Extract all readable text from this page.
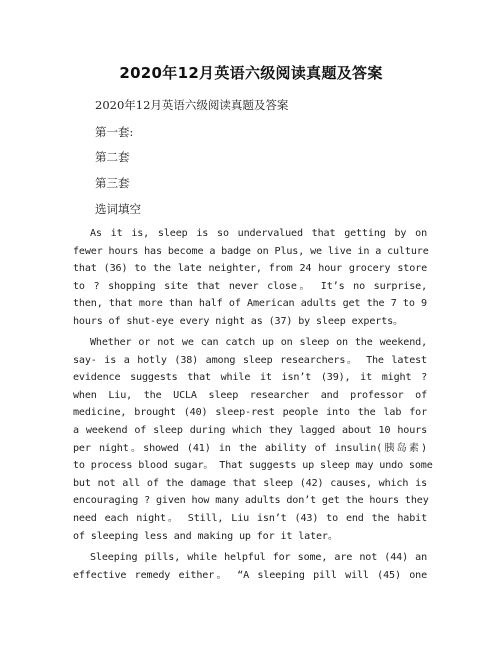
2020年12月英语六级阅读真题及答案
2020年12月英语六级阅读真题及答案
第一套:
第二套
第三套
选词填空
As it is, sleep is so undervalued that getting by on
fewer hours has become a badge on Plus, we live in a culture
that (36) to the late neighter, from 24 hour grocery store
to ? shopping site that never close。 It’s no surprise,
then, that more than half of American adults get the 7 to 9
hours of shut-eye every night as (37) by sleep experts。
Whether or not we can catch up on sleep on the weekend,
say- is a hotly (38) among sleep researchers。 The latest
evidence suggests that while it isn’t (39), it might ?
when Liu, the UCLA sleep researcher and professor of
medicine, brought (40) sleep-rest people into the lab for
a weekend of sleep during which they lagged about 10 hours
per night。showed (41) in the ability of insulin(胰岛素)
to process blood sugar。 That suggests up sleep may undo some
but not all of the damage that sleep (42) causes, which is
encouraging ? given how many adults don’t get the hours they
need each night。 Still, Liu isn’t (43) to end the habit
of sleeping less and making up for it later。
Sleeping pills, while helpful for some, are not (44) an
effective remedy either。 “A sleeping pill will (45) one
